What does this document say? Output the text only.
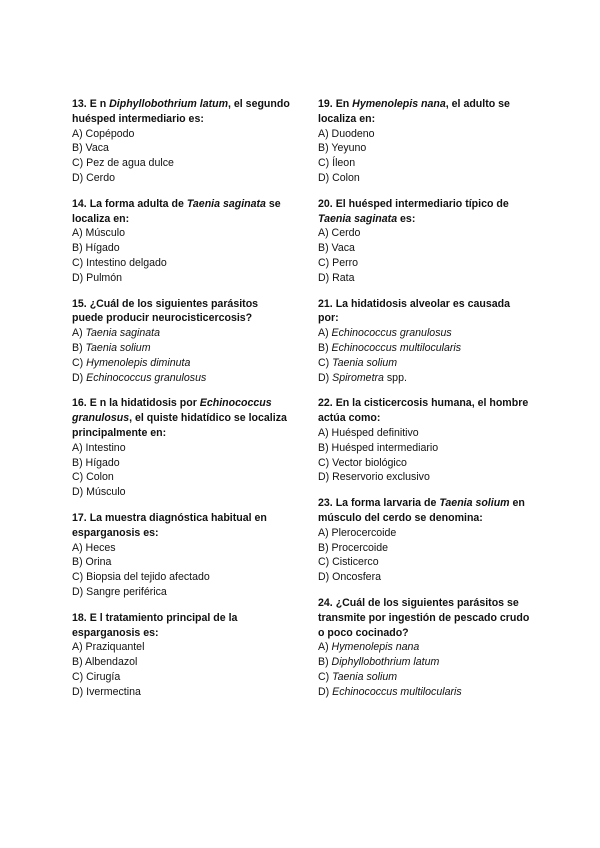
13. E n Diphyllobothrium latum, el segundo huésped intermediario es:
A) Copépodo
B) Vaca
C) Pez de agua dulce
D) Cerdo
14. La forma adulta de Taenia saginata se localiza en:
A) Músculo
B) Hígado
C) Intestino delgado
D) Pulmón
15. ¿Cuál de los siguientes parásitos puede producir neurocisticercosis?
A) Taenia saginata
B) Taenia solium
C) Hymenolepis diminuta
D) Echinococcus granulosus
16. E n la hidatidosis por Echinococcus granulosus, el quiste hidatídico se localiza principalmente en:
A) Intestino
B) Hígado
C) Colon
D) Músculo
17. La muestra diagnóstica habitual en esparganosis es:
A) Heces
B) Orina
C) Biopsia del tejido afectado
D) Sangre periférica
18. E l tratamiento principal de la esparganosis es:
A) Praziquantel
B) Albendazol
C) Cirugía
D) Ivermectina
19. En Hymenolepis nana, el adulto se localiza en:
A) Duodeno
B) Yeyuno
C) Íleon
D) Colon
20. El huésped intermediario típico de Taenia saginata es:
A) Cerdo
B) Vaca
C) Perro
D) Rata
21. La hidatidosis alveolar es causada por:
A) Echinococcus granulosus
B) Echinococcus multilocularis
C) Taenia solium
D) Spirometra spp.
22. En la cisticercosis humana, el hombre actúa como:
A) Huésped definitivo
B) Huésped intermediario
C) Vector biológico
D) Reservorio exclusivo
23. La forma larvaria de Taenia solium en músculo del cerdo se denomina:
A) Plerocercoide
B) Procercoide
C) Cisticerco
D) Oncosfera
24. ¿Cuál de los siguientes parásitos se transmite por ingestión de pescado crudo o poco cocinado?
A) Hymenolepis nana
B) Diphyllobothrium latum
C) Taenia solium
D) Echinococcus multilocularis
